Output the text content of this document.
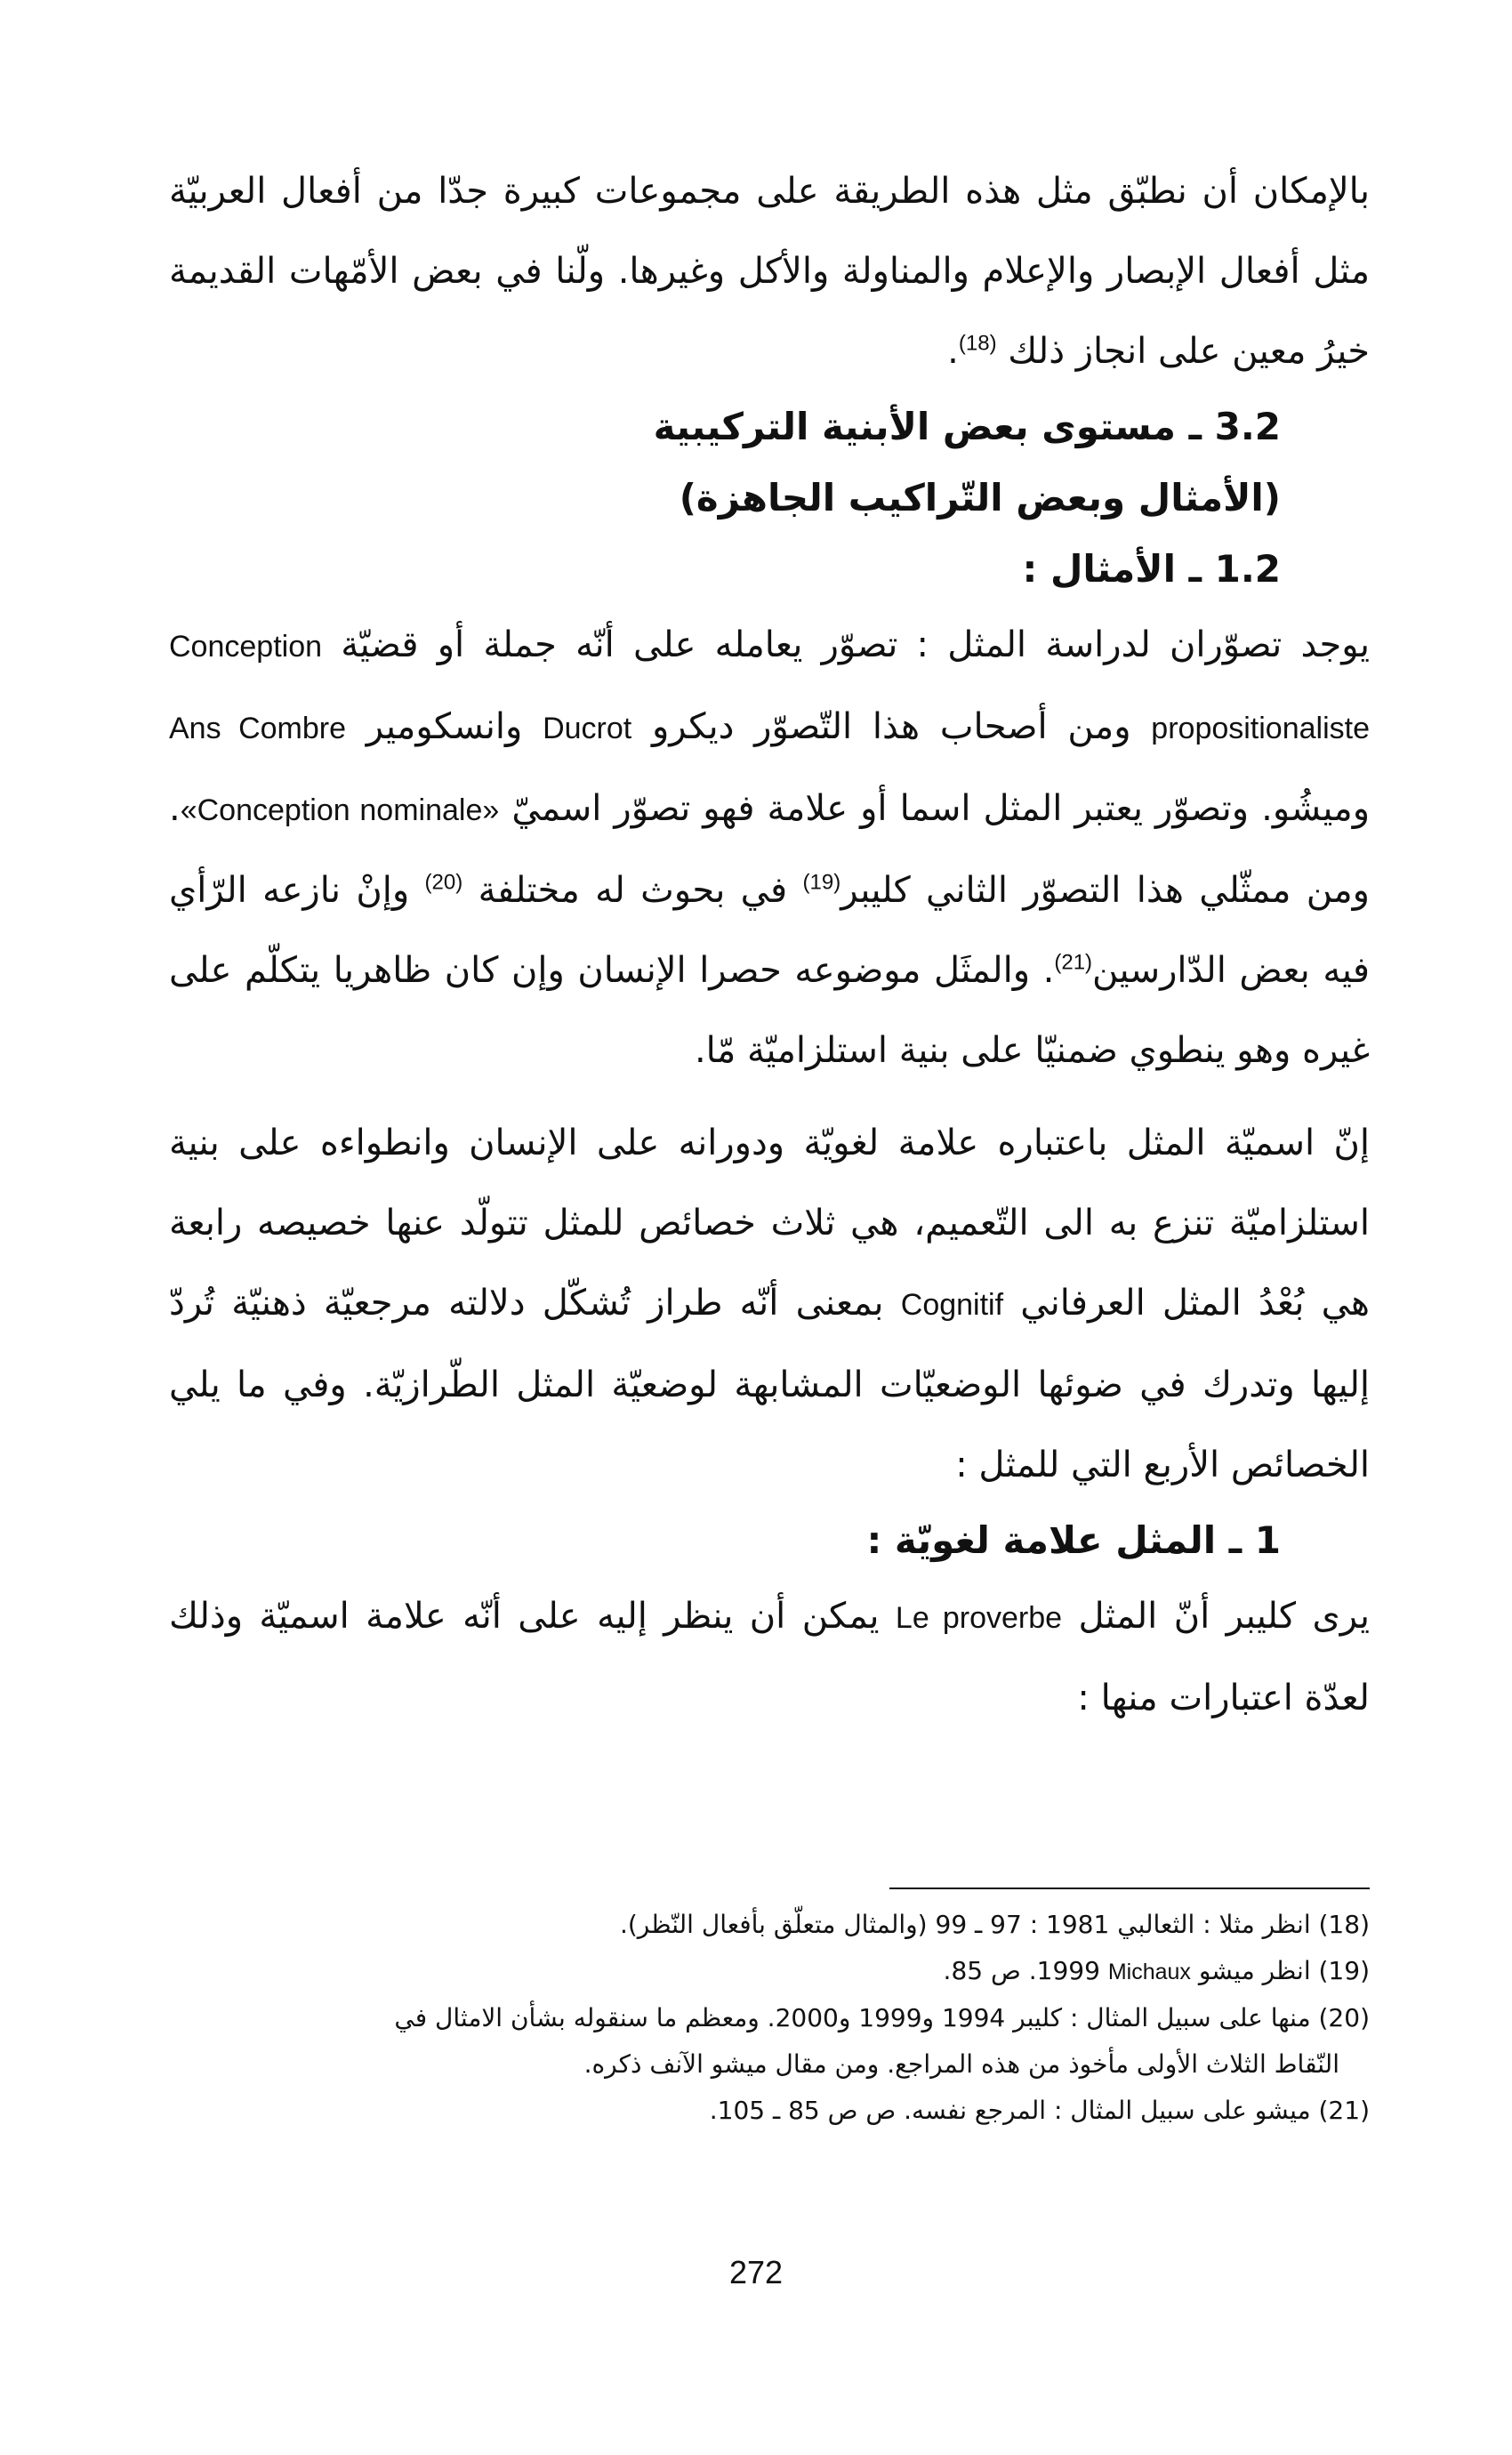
بالإمكان أن نطبّق مثل هذه الطريقة على مجموعات كبيرة جدّا من أفعال العربيّة مثل أفعال الإبصار والإعلام والمناولة والأكل وغيرها. ولّنا في بعض الأمّهات القديمة خيرُ معين على انجاز ذلك $^{(18)}$.

3.2 ـ مستوى بعض الأبنية التركيبية
(الأمثال وبعض التّراكيب الجاهزة)
1.2 ـ الأمثال :

يوجد تصوّران لدراسة المثل : تصوّر يعامله على أنّه جملة أو قضيّة Conception propositionaliste ومن أصحاب هذا التّصوّر ديكرو Ducrot وانسكومير Ans Combre وميشُو. وتصوّر يعتبر المثل اسما أو علامة فهو تصوّر اسميّ «Conception nominale». ومن ممثّلي هذا التصوّر الثاني كليبر$^{(19)}$ في بحوث له مختلفة $^{(20)}$ وإنْ نازعه الرّأي فيه بعض الدّارسين$^{(21)}$. والمثَل موضوعه حصرا الإنسان وإن كان ظاهريا يتكلّم على غيره وهو ينطوي ضمنيّا على بنية استلزاميّة مّا.

إنّ اسميّة المثل باعتباره علامة لغويّة ودورانه على الإنسان وانطواءه على بنية استلزاميّة تنزع به الى التّعميم، هي ثلاث خصائص للمثل تتولّد عنها خصيصه رابعة هي بُعْدُ المثل العرفاني Cognitif بمعنى أنّه طراز تُشكّل دلالته مرجعيّة ذهنيّة تُردّ إليها وتدرك في ضوئها الوضعيّات المشابهة لوضعيّة المثل الطّرازيّة. وفي ما يلي الخصائص الأربع التي للمثل :

1 ـ المثل علامة لغويّة :

يرى كليبر أنّ المثل Le proverbe يمكن أن ينظر إليه على أنّه علامة اسميّة وذلك لعدّة اعتبارات منها :

(18) انظر مثلا : الثعالبي 1981 : 97 ـ 99 (والمثال متعلّق بأفعال النّظر).

(19) انظر ميشو Michaux 1999. ص 85.

(20) منها على سبيل المثال : كليبر 1994 و1999 و2000. ومعظم ما سنقوله بشأن الامثال في

النّقاط الثلاث الأولى مأخوذ من هذه المراجع. ومن مقال ميشو الآنف ذكره.

(21) ميشو على سبيل المثال : المرجع نفسه. ص ص 85 ـ 105.

272
